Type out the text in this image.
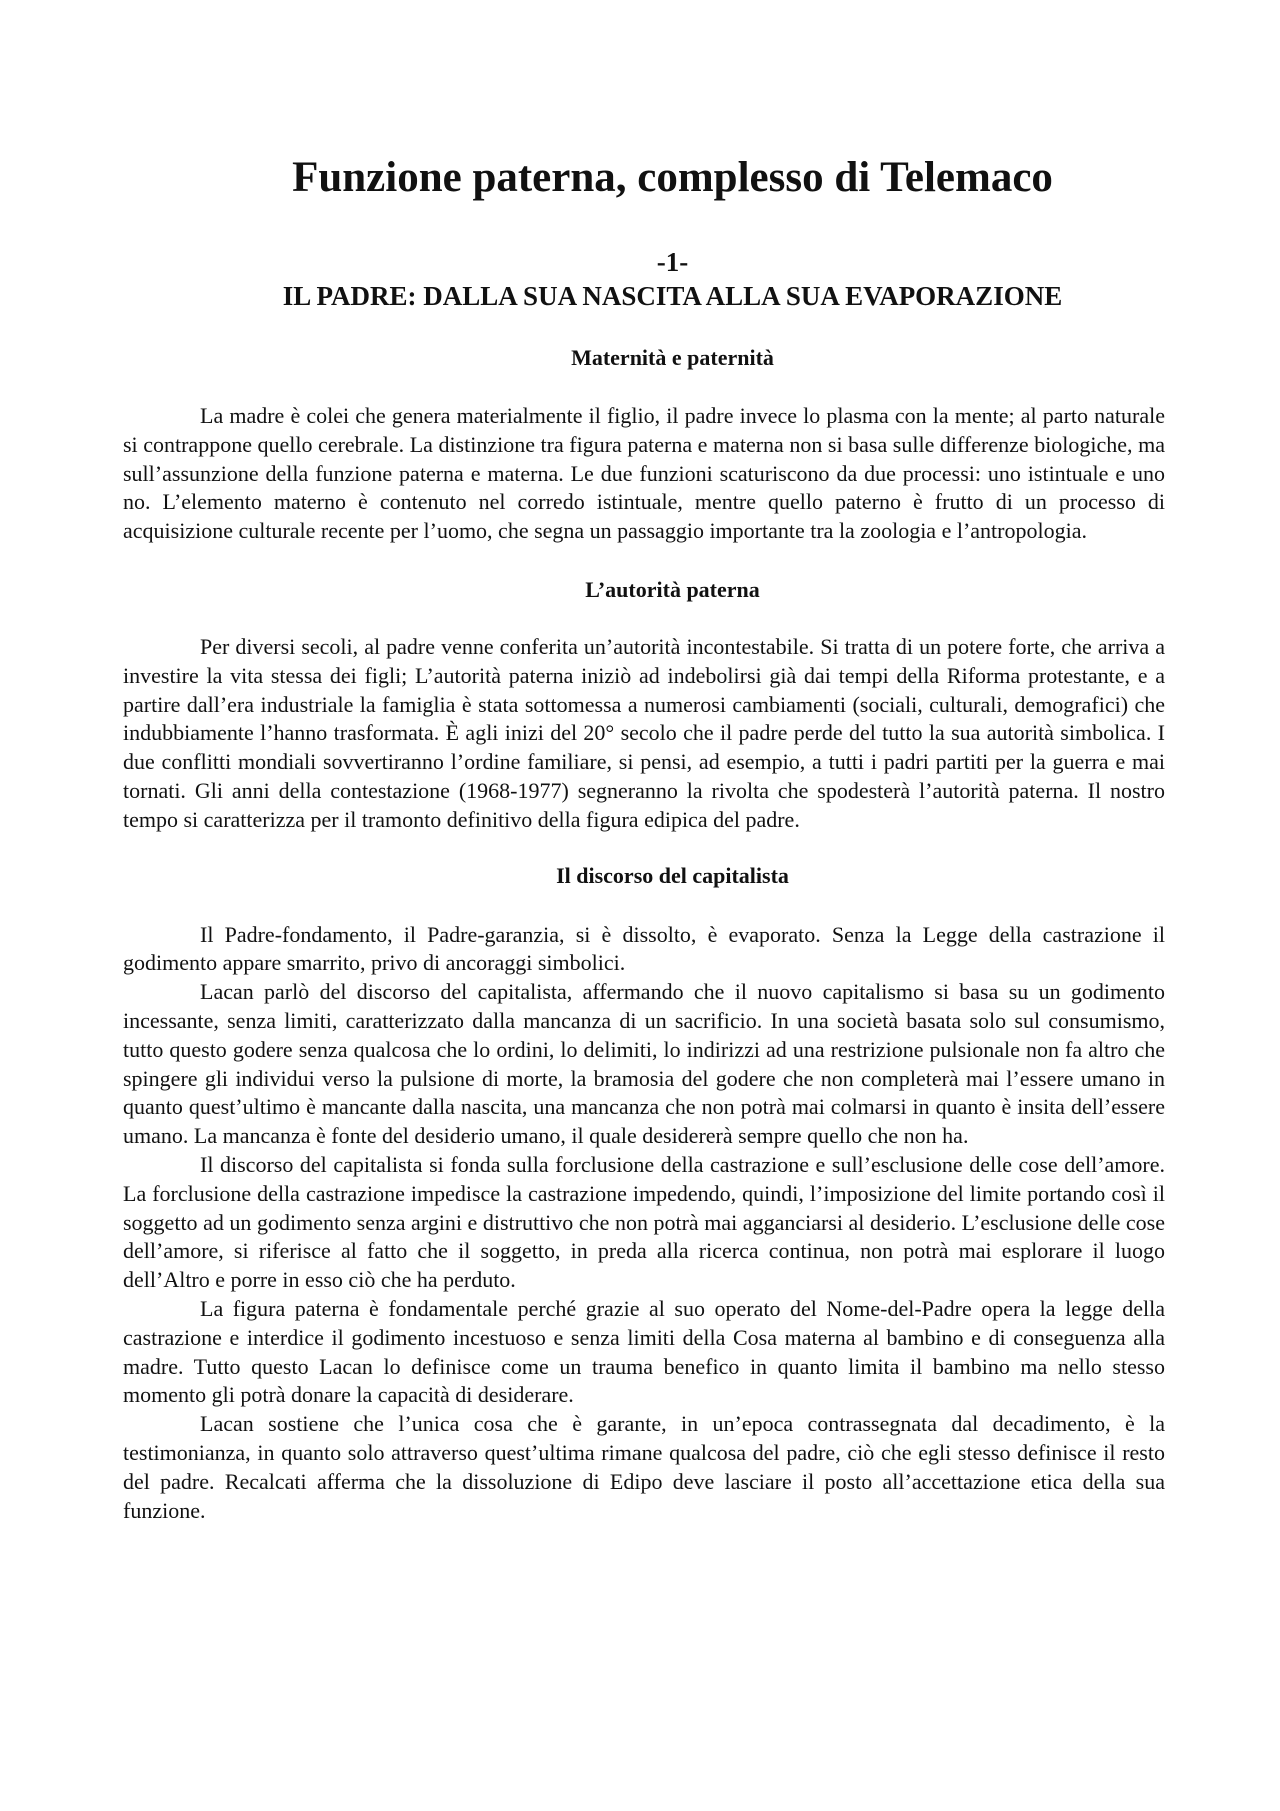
Funzione paterna, complesso di Telemaco
-1-
IL PADRE: DALLA SUA NASCITA ALLA SUA EVAPORAZIONE
Maternità e paternità

La madre è colei che genera materialmente il figlio, il padre invece lo plasma con la mente; al parto naturale si contrappone quello cerebrale. La distinzione tra figura paterna e materna non si basa sulle differenze biologiche, ma sull’assunzione della funzione paterna e materna. Le due funzioni scaturiscono da due processi: uno istintuale e uno no. L’elemento materno è contenuto nel corredo istintuale, mentre quello paterno è frutto di un processo di acquisizione culturale recente per l’uomo, che segna un passaggio importante tra la zoologia e l’antropologia.

L’autorità paterna

Per diversi secoli, al padre venne conferita un’autorità incontestabile. Si tratta di un potere forte, che arriva a investire la vita stessa dei figli; L’autorità paterna iniziò ad indebolirsi già dai tempi della Riforma protestante, e a partire dall’era industriale la famiglia è stata sottomessa a numerosi cambiamenti (sociali, culturali, demografici) che indubbiamente l’hanno trasformata. È agli inizi del 20° secolo che il padre perde del tutto la sua autorità simbolica. I due conflitti mondiali sovvertiranno l’ordine familiare, si pensi, ad esempio, a tutti i padri partiti per la guerra e mai tornati. Gli anni della contestazione (1968-1977) segneranno la rivolta che spodesterà l’autorità paterna. Il nostro tempo si caratterizza per il tramonto definitivo della figura edipica del padre.

Il discorso del capitalista

Il Padre-fondamento, il Padre-garanzia, si è dissolto, è evaporato. Senza la Legge della castrazione il godimento appare smarrito, privo di ancoraggi simbolici.

Lacan parlò del discorso del capitalista, affermando che il nuovo capitalismo si basa su un godimento incessante, senza limiti, caratterizzato dalla mancanza di un sacrificio. In una società basata solo sul consumismo, tutto questo godere senza qualcosa che lo ordini, lo delimiti, lo indirizzi ad una restrizione pulsionale non fa altro che spingere gli individui verso la pulsione di morte, la bramosia del godere che non completerà mai l’essere umano in quanto quest’ultimo è mancante dalla nascita, una mancanza che non potrà mai colmarsi in quanto è insita dell’essere umano. La mancanza è fonte del desiderio umano, il quale desidererà sempre quello che non ha.

Il discorso del capitalista si fonda sulla forclusione della castrazione e sull’esclusione delle cose dell’amore. La forclusione della castrazione impedisce la castrazione impedendo, quindi, l’imposizione del limite portando così il soggetto ad un godimento senza argini e distruttivo che non potrà mai agganciarsi al desiderio. L’esclusione delle cose dell’amore, si riferisce al fatto che il soggetto, in preda alla ricerca continua, non potrà mai esplorare il luogo dell’Altro e porre in esso ciò che ha perduto.

La figura paterna è fondamentale perché grazie al suo operato del Nome-del-Padre opera la legge della castrazione e interdice il godimento incestuoso e senza limiti della Cosa materna al bambino e di conseguenza alla madre. Tutto questo Lacan lo definisce come un trauma benefico in quanto limita il bambino ma nello stesso momento gli potrà donare la capacità di desiderare.

Lacan sostiene che l’unica cosa che è garante, in un’epoca contrassegnata dal decadimento, è la testimonianza, in quanto solo attraverso quest’ultima rimane qualcosa del padre, ciò che egli stesso definisce il resto del padre. Recalcati afferma che la dissoluzione di Edipo deve lasciare il posto all’accettazione etica della sua funzione.
